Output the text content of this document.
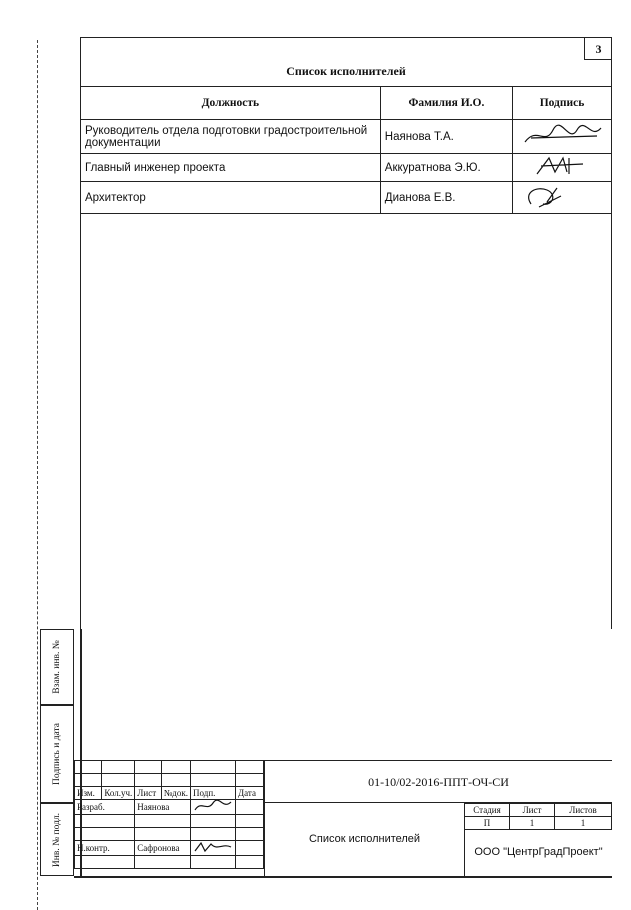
3
Список исполнителей
Должность	Фамилия И.О.	Подпись
Руководитель отдела подготовки градостроительной документации	Наянова Т.А.	
Главный инженер проекта	Аккуратнова Э.Ю.	
Архитектор	Дианова Е.В.	
Взам. инв. №
Подпись и дата
Инв. № подл.

Изм.	Кол.уч.	Лист	№док.	Подп.	Дата
Разраб.		Наянова		

Н.контр.		Сафронова		

01-10/02-2016-ППТ-ОЧ-СИ
Список исполнителей
Стадия	Лист	Листов
П	1	1
ООО "ЦентрГрадПроект"
